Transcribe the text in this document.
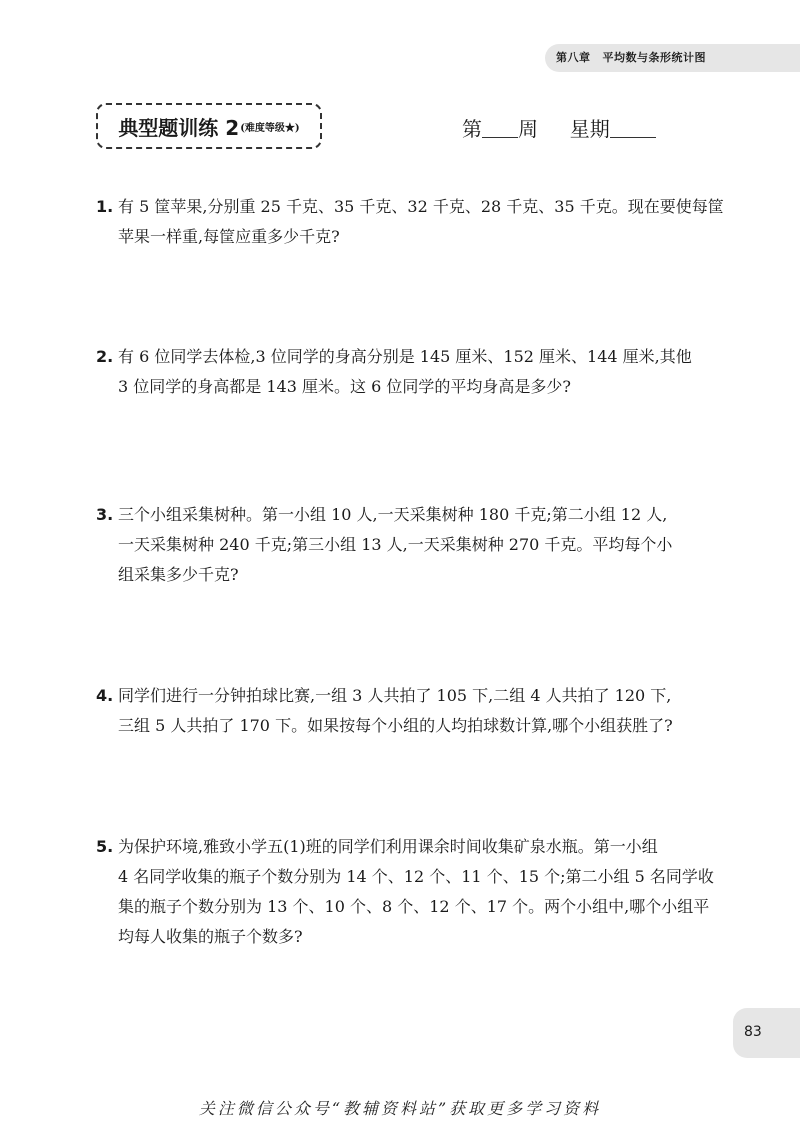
第八章 平均数与条形统计图
典型题训练 2 (难度等级★)	第 周 星期
1. 有 5 筐苹果,分别重 25 千克、35 千克、32 千克、28 千克、35 千克。现在要使每筐
苹果一样重,每筐应重多少千克?
2. 有 6 位同学去体检,3 位同学的身高分别是 145 厘米、152 厘米、144 厘米,其他
3 位同学的身高都是 143 厘米。这 6 位同学的平均身高是多少?
3. 三个小组采集树种。第一小组 10 人,一天采集树种 180 千克;第二小组 12 人,
一天采集树种 240 千克;第三小组 13 人,一天采集树种 270 千克。平均每个小
组采集多少千克?
4. 同学们进行一分钟拍球比赛,一组 3 人共拍了 105 下,二组 4 人共拍了 120 下,
三组 5 人共拍了 170 下。如果按每个小组的人均拍球数计算,哪个小组获胜了?
5. 为保护环境,雅致小学五(1)班的同学们利用课余时间收集矿泉水瓶。第一小组
4 名同学收集的瓶子个数分别为 14 个、12 个、11 个、15 个;第二小组 5 名同学收
集的瓶子个数分别为 13 个、10 个、8 个、12 个、17 个。两个小组中,哪个小组平
均每人收集的瓶子个数多?
83
关注微信公众号“教辅资料站”获取更多学习资料
